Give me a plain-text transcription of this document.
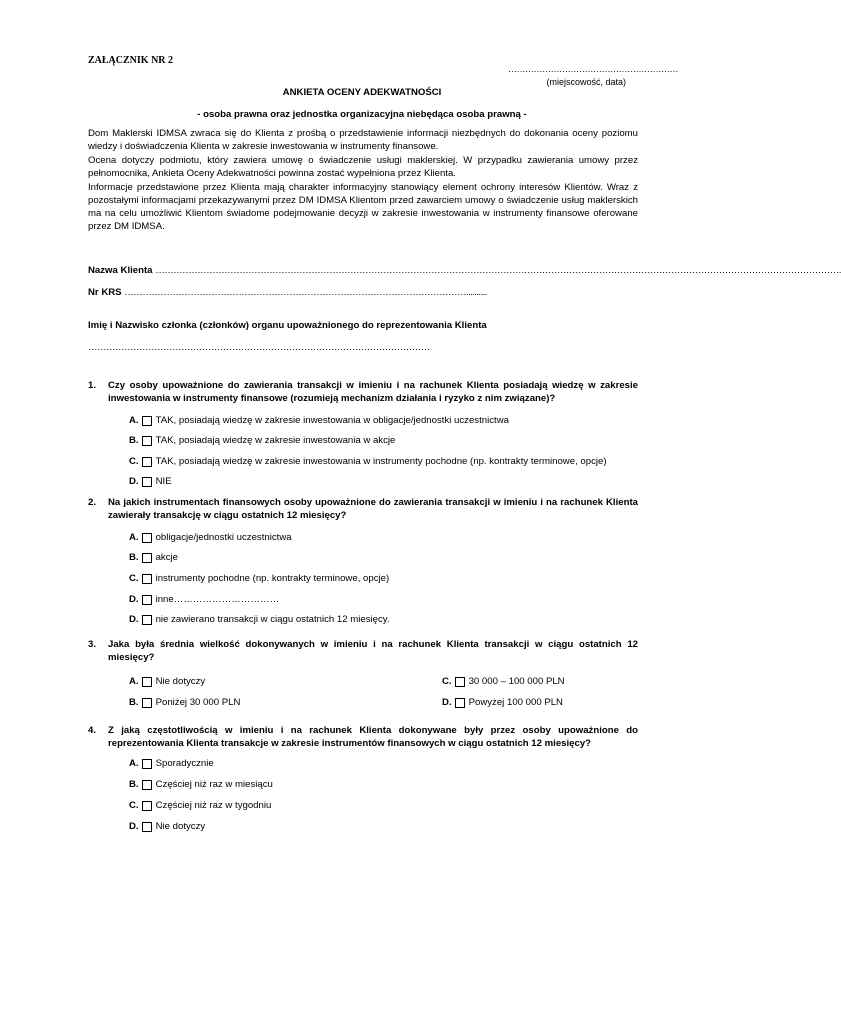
ZAŁĄCZNIK NR 2
……………………………………………………
(miejscowość, data)
ANKIETA OCENY ADEKWATNOŚCI
- osoba prawna oraz jednostka organizacyjna niebędąca osoba prawną -

Dom Maklerski IDMSA zwraca się do Klienta z prośbą o przedstawienie informacji niezbędnych do dokonania oceny poziomu wiedzy i doświadczenia Klienta w zakresie inwestowania w instrumenty finansowe.

Ocena dotyczy podmiotu, który zawiera umowę o świadczenie usługi maklerskiej. W przypadku zawierania umowy przez pełnomocnika, Ankieta Oceny Adekwatności powinna zostać wypełniona przez Klienta.

Informacje przedstawione przez Klienta mają charakter informacyjny stanowiący element ochrony interesów Klientów. Wraz z pozostałymi informacjami przekazywanymi przez DM IDMSA Klientom przed zawarciem umowy o świadczenie usług maklerskich ma na celu umożliwić Klientom świadome podejmowanie decyzji w zakresie inwestowania w instrumenty finansowe oferowane przez DM IDMSA.

Nazwa Klienta ………………………………………………………………………………………………………………………………………………………………………………………………………….
Nr KRS ……………………………………………………………………………………………………..........
Imię i Nazwisko członka (członków) organu upoważnionego do reprezentowania Klienta
……………………………………………………………………………………………………
1.	Czy osoby upoważnione do zawierania transakcji w imieniu i na rachunek Klienta posiadają wiedzę w zakresie inwestowania w instrumenty finansowe (rozumieją mechanizm działania i ryzyko z nim związane)?
A. TAK, posiadają wiedzę w zakresie inwestowania w obligacje/jednostki uczestnictwa
B. TAK, posiadają wiedzę w zakresie inwestowania w akcje
C. TAK, posiadają wiedzę w zakresie inwestowania w instrumenty pochodne (np. kontrakty terminowe, opcje)
D. NIE
2.	Na jakich instrumentach finansowych osoby upoważnione do zawierania transakcji w imieniu i na rachunek Klienta zawierały transakcję w ciągu ostatnich 12 miesięcy?
A. obligacje/jednostki uczestnictwa
B. akcje
C. instrumenty pochodne (np. kontrakty terminowe, opcje)
D. inne……………………………
D. nie zawierano transakcji w ciągu ostatnich 12 miesięcy.
3.	Jaka była średnia wielkość dokonywanych w imieniu i na rachunek Klienta transakcji w ciągu ostatnich 12 miesięcy?
A. Nie dotyczy
B. Poniżej 30 000 PLN
C. 30 000 – 100 000 PLN
D. Powyżej 100 000 PLN
4.	Z jaką częstotliwością w imieniu i na rachunek Klienta dokonywane były przez osoby upoważnione do reprezentowania Klienta transakcje w zakresie instrumentów finansowych w ciągu ostatnich 12 miesięcy?
A. Sporadycznie
B. Częściej niż raz w miesiącu
C. Częściej niż raz w tygodniu
D. Nie dotyczy
